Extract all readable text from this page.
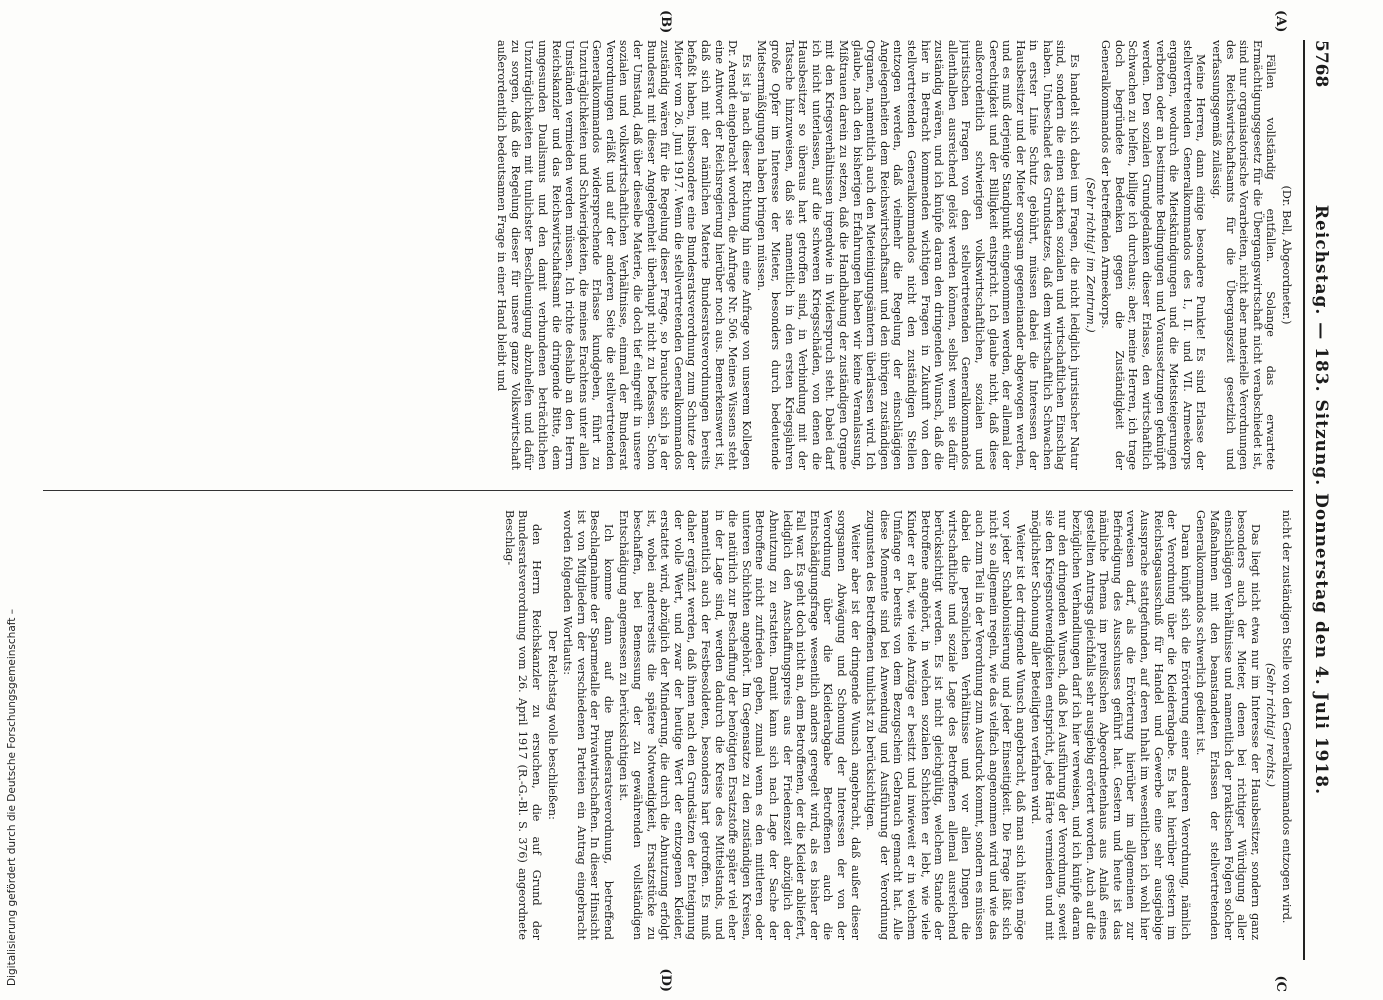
5768
Reichstag. — 183. Sitzung. Donnerstag den 4. Juli 1918.
(A)
(B)
(C
(D)

(Dr. Bell, Abgeordneter.)

Fällen vollständig entfallen. Solange das erwartete Ermächtigungsgesetz für die Übergangswirtschaft nicht verabschiedet ist, sind nur organisatorische Vorarbeiten, nicht aber materielle Verordnungen des Reichswirtschaftsamts für die Übergangszeit gesetzlich und verfassungsgemäß zulässig.

Meine Herren, dann einige besondere Punkte! Es sind Erlasse der stellvertretenden Generalkommandos des I., II. und VII. Armeekorps ergangen, wodurch die Mietskündigungen und die Mietssteigerungen verboten oder an bestimmte Bedingungen und Voraussetzungen geknüpft werden. Den sozialen Grundgedanken dieser Erlasse, den wirtschaftlich Schwachen zu helfen, billige ich durchaus; aber, meine Herren, ich trage doch begründete Bedenken gegen die Zuständigkeit der Generalkommandos der betreffenden Armeekorps.

(Sehr richtig! im Zentrum.)

Es handelt sich dabei um Fragen, die nicht lediglich juristischer Natur sind, sondern die einen starken sozialen und wirtschaftlichen Einschlag haben. Unbeschadet des Grundsatzes, daß dem wirtschaftlich Schwachen in erster Linie Schutz gebührt, müssen dabei die Interessen der Hausbesitzer und der Mieter sorgsam gegeneinander abgewogen werden, und es muß derjenige Standpunkt eingenommen werden, der allemal der Gerechtigkeit und der Billigkeit entspricht. Ich glaube nicht, daß diese außerordentlich schwierigen volkswirtschaftlichen, sozialen und juristischen Fragen von den stellvertretenden Generalkommandos allenthalben ausreichend gelöst werden können, selbst wenn sie dafür zuständig wären, und ich knüpfe daran den dringenden Wunsch, daß die hier in Betracht kommenden wichtigen Fragen in Zukunft von den stellvertretenden Generalkommandos nicht den zuständigen Stellen entzogen werden, daß vielmehr die Regelung der einschlägigen Angelegenheiten dem Reichswirtschaftsamt und den übrigen zuständigen Organen, namentlich auch den Mieteinigungsämtern überlassen wird. Ich glaube, nach den bisherigen Erfahrungen haben wir keine Veranlassung, Mißtrauen darein zu setzen, daß die Handhabung der zuständigen Organe mit den Kriegsverhältnissen irgendwie in Widerspruch steht. Dabei darf ich nicht unterlassen, auf die schweren Kriegsschäden, von denen die Hausbesitzer so überaus hart getroffen sind, in Verbindung mit der Tatsache hinzuweisen, daß sie namentlich in den ersten Kriegsjahren große Opfer im Interesse der Mieter, besonders durch bedeutende Mietsermäßigungen haben bringen müssen.

Es ist ja nach dieser Richtung hin eine Anfrage von unserem Kollegen Dr. Arendt eingebracht worden, die Anfrage Nr. 506. Meines Wissens steht eine Antwort der Reichsregierung hierüber noch aus. Bemerkenswert ist, daß sich mit der nämlichen Materie Bundesratsverordnungen bereits befaßt haben, insbesondere eine Bundesratsverordnung zum Schutze der Mieter vom 26. Juni 1917. Wenn die stellvertretenden Generalkommandos zuständig wären für die Regelung dieser Frage, so brauchte sich ja der Bundesrat mit dieser Angelegenheit überhaupt nicht zu befassen. Schon der Umstand, daß über dieselbe Materie, die doch tief eingreift in unsere sozialen und volkswirtschaftlichen Verhältnisse, einmal der Bundesrat Verordnungen erläßt und auf der anderen Seite die stellvertretenden Generalkommandos widersprechende Erlasse kundgeben, führt zu Unzuträglichkeiten und Schwierigkeiten, die meines Erachtens unter allen Umständen vermieden werden müssen. Ich richte deshalb an den Herrn Reichskanzler und das Reichswirtschaftsamt die dringende Bitte, dem umgesunden Dualismus und den damit verbundenen beträchtlichen Unzuträglichkeiten mit tunlichster Beschleunigung abzuhelfen und dafür zu sorgen, daß die Regelung dieser für unsere ganze Volkswirtschaft außerordentlich bedeutsamen Frage in einer Hand bleibt und

nicht der zuständigen Stelle von den Generalkommandos entzogen wird.

(Sehr richtig! rechts.)

Das liegt nicht etwa nur im Interesse der Hausbesitzer, sondern ganz besonders auch der Mieter, denen bei richtiger Würdigung aller einschlägigen Verhältnisse und namentlich der praktischen Folgen solcher Maßnahmen mit den beanstandeten Erlassen der stellvertretenden Generalkommandos schwerlich gedient ist.

Daran knüpft sich die Erörterung einer anderen Verordnung, nämlich der Verordnung über die Kleiderabgabe. Es hat hierüber gestern im Reichstagsausschuß für Handel und Gewerbe eine sehr ausgiebige Aussprache stattgefunden, auf deren Inhalt im wesentlichen ich wohl hier verweisen darf, als die Erörterung hierüber im allgemeinen zur Befriedigung des Ausschusses geführt hat. Gestern und heute ist das nämliche Thema im preußischen Abgeordnetenhaus aus Anlaß eines gestellten Antrags gleichfalls sehr ausgiebig erörtert worden. Auch auf die bezüglichen Verhandlungen darf ich hier verweisen, und ich knüpfe daran nur den dringenden Wunsch, daß bei Ausführung der Verordnung, soweit sie den Kriegsnotwendigkeiten entspricht, jede Härte vermieden und mit möglichster Schonung aller Beteiligten verfahren wird.

Weiter ist der dringende Wunsch angebracht, daß man sich hüten möge vor jeder Schablonisierung und jeder Einseitigkeit. Die Frage läßt sich nicht so allgemein regeln, wie das vielfach angenommen wird und wie das auch zum Teil in der Verordnung zum Ausdruck kommt, sondern es müssen dabei die persönlichen Verhältnisse und vor allen Dingen die wirtschaftliche und soziale Lage des Betroffenen allemal ausreichend berücksichtigt werden. Es ist nicht gleichgültig, welchem Stande der Betroffene angehört, in welchen sozialen Schichten er lebt, wie viele Kinder er hat, wie viele Anzüge er besitzt und inwieweit er in welchem Umfange er bereits von dem Bezugschein Gebrauch gemacht hat. Alle diese Momente sind bei Anwendung und Ausführung der Verordnung zugunsten des Betroffenen tunlichst zu berücksichtigen.

Weiter aber ist der dringende Wunsch angebracht, daß außer dieser sorgsamen Abwägung und Schonung der Interessen der von der Verordnung über die Kleiderabgabe Betroffenen auch die Entschädigungsfrage wesentlich anders geregelt wird, als es bisher der Fall war. Es geht doch nicht an, dem Betroffenen, der die Kleider abliefert, lediglich den Anschaffungspreis aus der Friedenszeit abzüglich der Abnutzung zu erstatten. Damit kann sich nach Lage der Sache der Betroffene nicht zufrieden geben, zumal wenn es den mittleren oder unteren Schichten angehört. Im Gegensatze zu den zuständigen Kreisen, die natürlich zur Beschaffung der benötigten Ersatzstoffe später viel eher in der Lage sind, werden dadurch die Kreise des Mittelstands, und namentlich auch der Festbesoldeten, besonders hart getroffen. Es muß daher ergänzt werden, daß ihnen nach den Grundsätzen der Enteignung der volle Wert, und zwar der heutige Wert der entzogenen Kleider, erstattet wird, abzüglich der Minderung, die durch die Abnutzung erfolgt ist, wobei andererseits die spätere Notwendigkeit, Ersatzstücke zu beschaffen, bei Bemessung der zu gewährenden vollständigen Entschädigung angemessen zu berücksichtigen ist.

Ich komme dann auf die Bundesratsverordnung, betreffend Beschlagnahme der Sparmetalle der Privatwirtschaften. In dieser Hinsicht ist von Mitgliedern der verschiedenen Parteien ein Antrag eingebracht worden folgenden Wortlauts:

Der Reichstag wolle beschließen:

den Herrn Reichskanzler zu ersuchen, die auf Grund der Bundesratsverordnung vom 26. April 1917 (R.-G.-Bl. S. 376) angeordnete Beschlag-

Digitalisierung gefördert durch die Deutsche Forschungsgemeinschaft –
